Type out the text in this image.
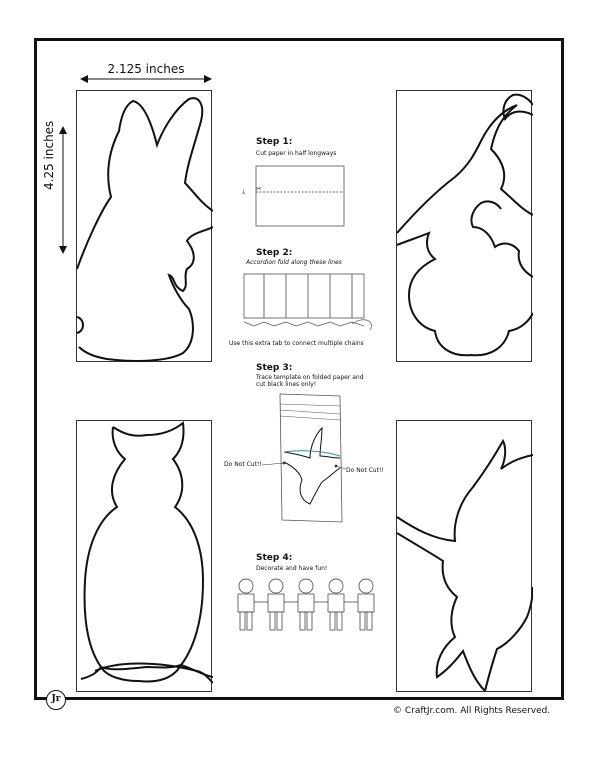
2.125 inches
4.25 inches	Step 1:
Cut paper in half longways
✂
↓
Step 2:
Accordion fold along these lines
Use this extra tab to connect multiple chains
Step 3:
Trace template on folded paper and cut black lines only!
Do Not Cut!!
Do Not Cut!!
Step 4:
Decorate and have fun!
Jr
© CraftJr.com. All Rights Reserved.
